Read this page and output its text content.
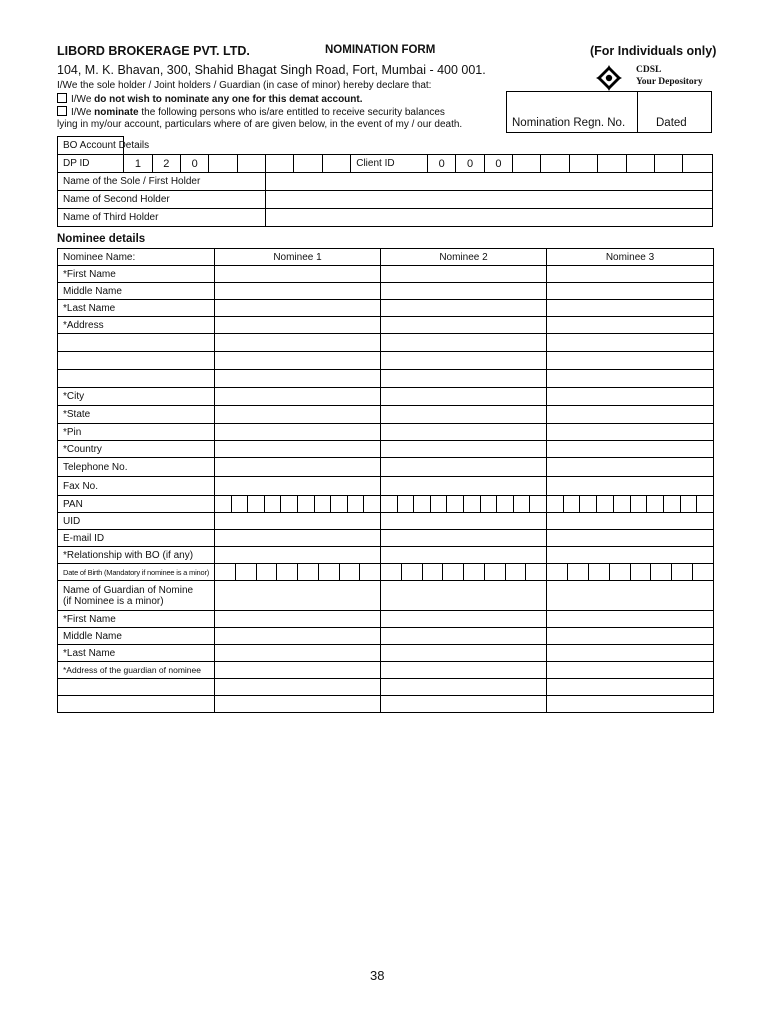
LIBORD BROKERAGE PVT. LTD.	NOMINATION FORM	(For Individuals only)
104, M. K. Bhavan, 300, Shahid Bhagat Singh Road, Fort, Mumbai - 400 001.	CDSL
Your Depository
I/We the sole holder / Joint holders / Guardian (in case of minor) hereby declare that:
I/We do not wish to nominate any one for this demat account.
I/We nominate the following persons who is/are entitled to receive security balances
lying in my/our account, particulars where of are given below, in the event of my / our death.	Nomination Regn. No.	Dated
BO Account Details																			
DP ID	1	2	0						Client ID	0	0	0							
Name of the Sole / First Holder																			
Name of Second Holder																			
Name of Third Holder																			
Nominee details
Nominee Name:	Nominee 1	Nominee 2	Nominee 3
*First Name			
Middle Name			
*Last Name			
*Address			

*City			
*State			
*Pin			
*Country			
Telephone No.			
Fax No.			
PAN	

UID			
E-mail ID			
*Relationship with BO (if any)			
Date of Birth (Mandatory if nominee is a minor)	

Name of Guardian of Nomine
(if Nominee is a minor)			
*First Name			
Middle Name			
*Last Name			
*Address of the guardian of nominee			

38
